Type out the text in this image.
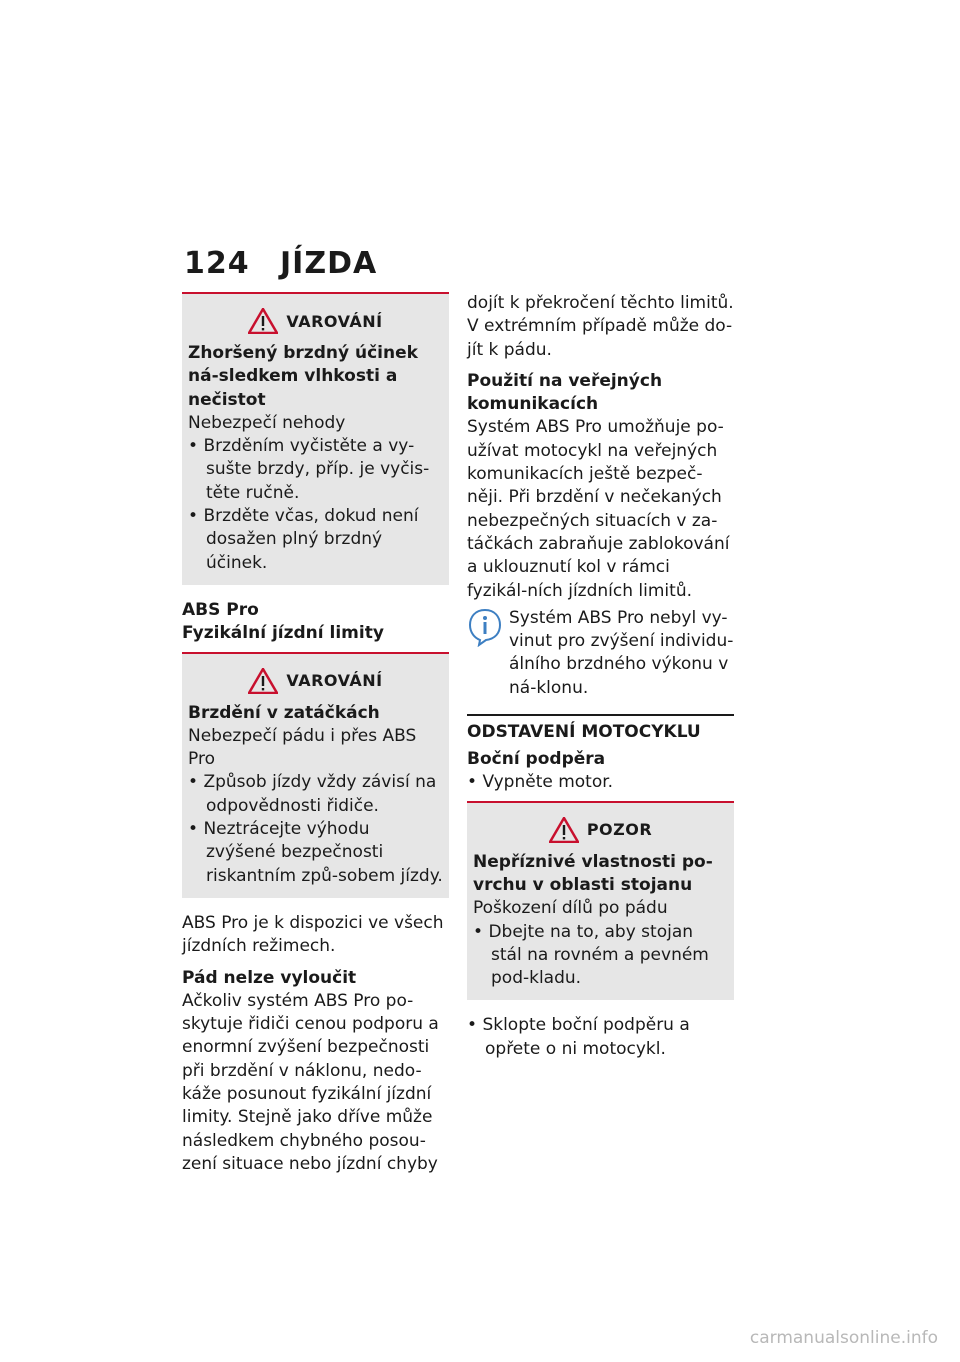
124 JÍZDA
VAROVÁNÍ

Zhoršený brzdný účinek ná-sledkem vlhkosti a nečistot

Nebezpečí nehody

• Brzděním vyčistěte a vy-sušte brzdy, příp. je vyčis-těte ručně.

• Brzděte včas, dokud není dosažen plný brzdný účinek.

ABS Pro

Fyzikální jízdní limity

VAROVÁNÍ

Brzdění v zatáčkách

Nebezpečí pádu i přes ABS Pro

• Způsob jízdy vždy závisí na odpovědnosti řidiče.

• Neztrácejte výhodu zvýšené bezpečnosti riskantním způ-sobem jízdy.

ABS Pro je k dispozici ve všech jízdních režimech.

Pád nelze vyloučit

Ačkoliv systém ABS Pro po-skytuje řidiči cenou podporu a enormní zvýšení bezpečnosti při brzdění v náklonu, nedo-káže posunout fyzikální jízdní limity. Stejně jako dříve může následkem chybného posou-zení situace nebo jízdní chyby

dojít k překročení těchto limitů. V extrémním případě může do-jít k pádu.

Použití na veřejných komunikacích

Systém ABS Pro umožňuje po-užívat motocykl na veřejných komunikacích ještě bezpeč-něji. Při brzdění v nečekaných nebezpečných situacích v za-táčkách zabraňuje zablokování a uklouznutí kol v rámci fyzikál-ních jízdních limitů.

Systém ABS Pro nebyl vy-vinut pro zvýšení individu-álního brzdného výkonu v ná-klonu.

ODSTAVENÍ MOTOCYKLU

Boční podpěra

• Vypněte motor.

POZOR

Nepříznivé vlastnosti po-vrchu v oblasti stojanu

Poškození dílů po pádu

• Dbejte na to, aby stojan stál na rovném a pevném pod-kladu.

• Sklopte boční podpěru a opřete o ni motocykl.

carmanualsonline.info
